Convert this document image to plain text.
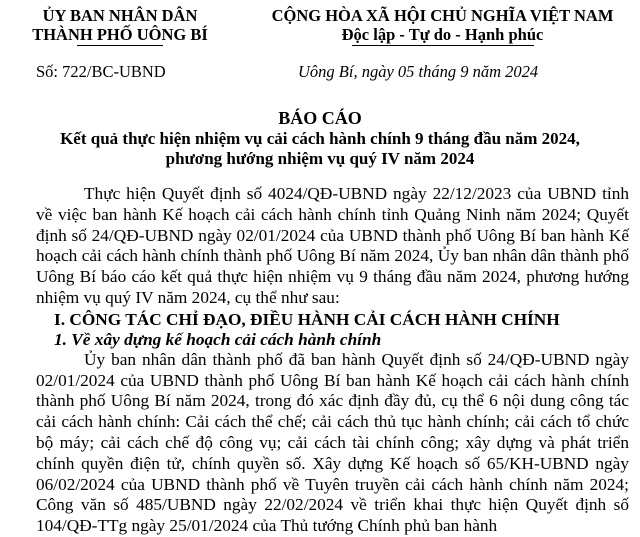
ỦY BAN NHÂN DÂN
THÀNH PHỐ UÔNG BÍ
CỘNG HÒA XÃ HỘI CHỦ NGHĨA VIỆT NAM
Độc lập - Tự do - Hạnh phúc
Số: 722/BC-UBND	Uông Bí, ngày 05 tháng 9 năm 2024
BÁO CÁO
Kết quả thực hiện nhiệm vụ cải cách hành chính 9 tháng đầu năm 2024,
phương hướng nhiệm vụ quý IV năm 2024

Thực hiện Quyết định số 4024/QĐ-UBND ngày 22/12/2023 của UBND tỉnh về việc ban hành Kế hoạch cải cách hành chính tỉnh Quảng Ninh năm 2024; Quyết định số 24/QĐ-UBND ngày 02/01/2024 của UBND thành phố Uông Bí ban hành Kế hoạch cải cách hành chính thành phố Uông Bí năm 2024, Ủy ban nhân dân thành phố Uông Bí báo cáo kết quả thực hiện nhiệm vụ 9 tháng đầu năm 2024, phương hướng nhiệm vụ quý IV năm 2024, cụ thể như sau:

I. CÔNG TÁC CHỈ ĐẠO, ĐIỀU HÀNH CẢI CÁCH HÀNH CHÍNH

1. Về xây dựng kế hoạch cải cách hành chính

Ủy ban nhân dân thành phố đã ban hành Quyết định số 24/QĐ-UBND ngày 02/01/2024 của UBND thành phố Uông Bí ban hành Kế hoạch cải cách hành chính thành phố Uông Bí năm 2024, trong đó xác định đầy đủ, cụ thể 6 nội dung công tác cải cách hành chính: Cải cách thể chế; cải cách thủ tục hành chính; cải cách tổ chức bộ máy; cải cách chế độ công vụ; cải cách tài chính công; xây dựng và phát triển chính quyền điện tử, chính quyền số. Xây dựng Kế hoạch số 65/KH-UBND ngày 06/02/2024 của UBND thành phố về Tuyên truyền cải cách hành chính năm 2024; Công văn số 485/UBND ngày 22/02/2024 về triển khai thực hiện Quyết định số 104/QĐ-TTg ngày 25/01/2024 của Thủ tướng Chính phủ ban hành
